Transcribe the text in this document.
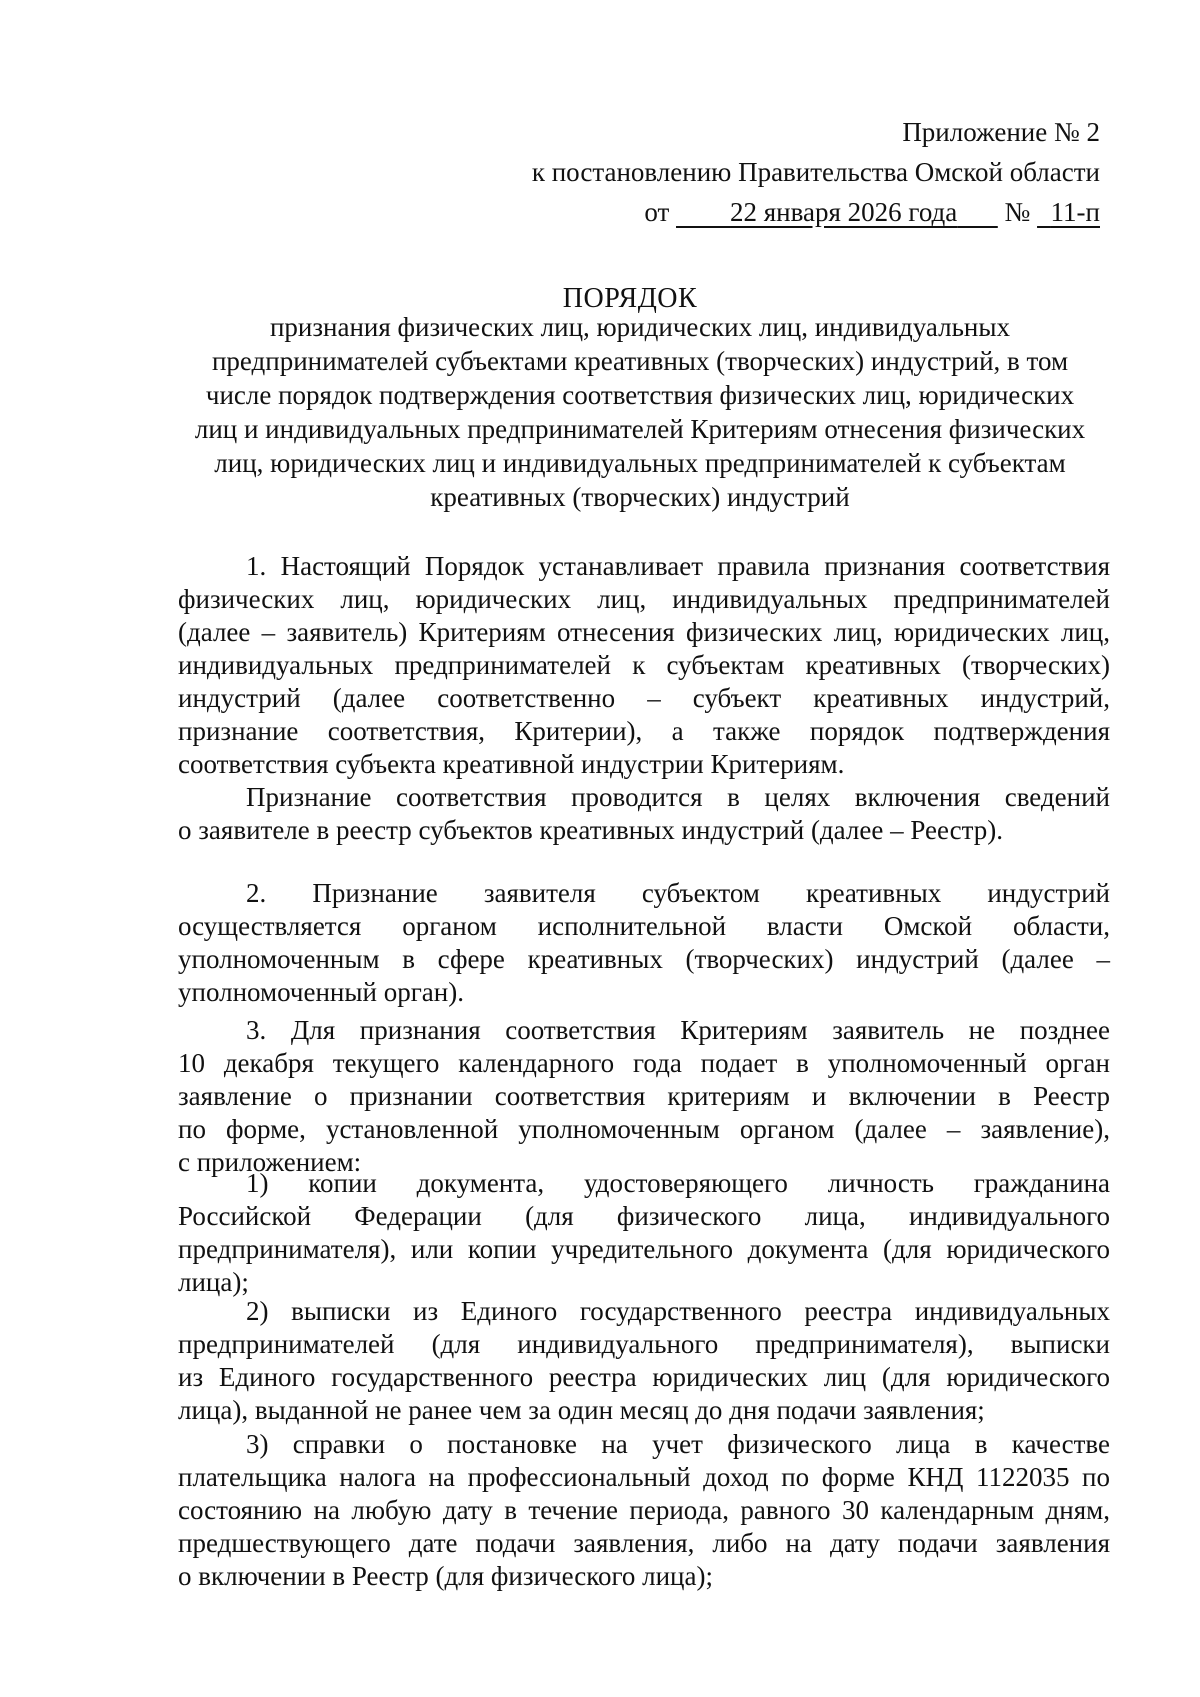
Приложение № 2
к постановлению Правительства Омской области
от 22 января 2026 года № 11-п
ПОРЯДОК
признания физических лиц, юридических лиц, индивидуальных
предпринимателей субъектами креативных (творческих) индустрий, в том
числе порядок подтверждения соответствия физических лиц, юридических
лиц и индивидуальных предпринимателей Критериям отнесения физических
лиц, юридических лиц и индивидуальных предпринимателей к субъектам
креативных (творческих) индустрий
1. Настоящий Порядок устанавливает правила признания соответствия
физических лиц, юридических лиц, индивидуальных предпринимателей
(далее – заявитель) Критериям отнесения физических лиц, юридических лиц,
индивидуальных предпринимателей к субъектам креативных (творческих)
индустрий (далее соответственно – субъект креативных индустрий,
признание соответствия, Критерии), а также порядок подтверждения
соответствия субъекта креативной индустрии Критериям.
Признание соответствия проводится в целях включения сведений
о заявителе в реестр субъектов креативных индустрий (далее – Реестр).
2. Признание заявителя субъектом креативных индустрий
осуществляется органом исполнительной власти Омской области,
уполномоченным в сфере креативных (творческих) индустрий (далее –
уполномоченный орган).
3. Для признания соответствия Критериям заявитель не позднее
10 декабря текущего календарного года подает в уполномоченный орган
заявление о признании соответствия критериям и включении в Реестр
по форме, установленной уполномоченным органом (далее – заявление),
с приложением:
1) копии документа, удостоверяющего личность гражданина
Российской Федерации (для физического лица, индивидуального
предпринимателя), или копии учредительного документа (для юридического
лица);
2) выписки из Единого государственного реестра индивидуальных
предпринимателей (для индивидуального предпринимателя), выписки
из Единого государственного реестра юридических лиц (для юридического
лица), выданной не ранее чем за один месяц до дня подачи заявления;
3) справки о постановке на учет физического лица в качестве
плательщика налога на профессиональный доход по форме КНД 1122035 по
состоянию на любую дату в течение периода, равного 30 календарным дням,
предшествующего дате подачи заявления, либо на дату подачи заявления
о включении в Реестр (для физического лица);
